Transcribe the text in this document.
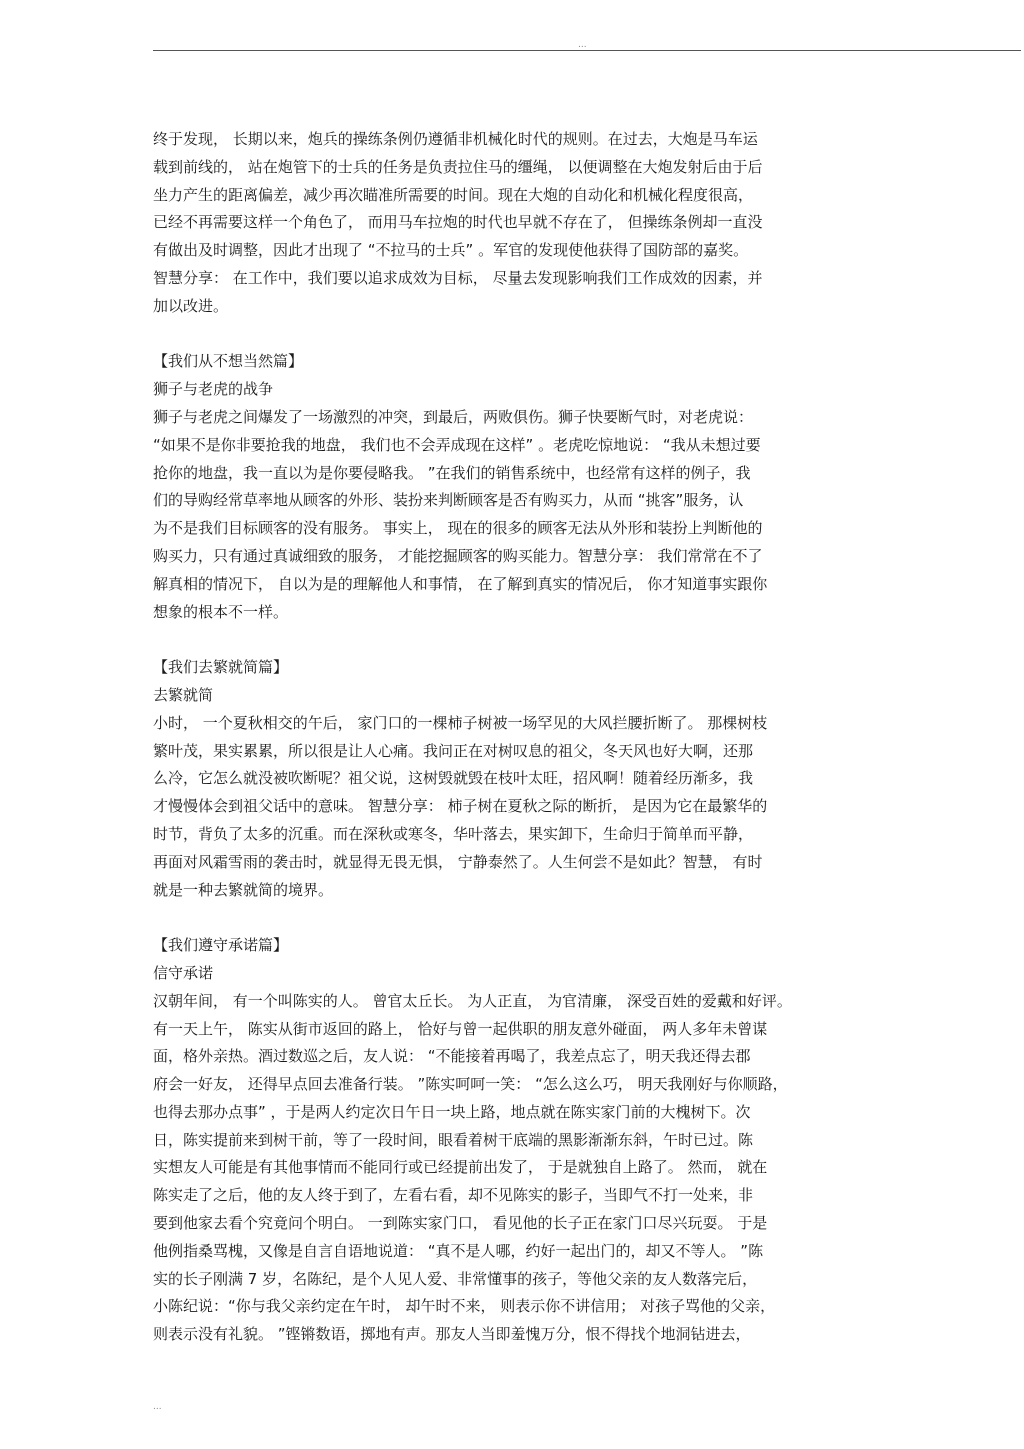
...
终于发现， 长期以来，炮兵的操练条例仍遵循非机械化时代的规则。在过去，大炮是马车运
载到前线的， 站在炮管下的士兵的任务是负责拉住马的缰绳， 以便调整在大炮发射后由于后
坐力产生的距离偏差，减少再次瞄准所需要的时间。现在大炮的自动化和机械化程度很高，
已经不再需要这样一个角色了， 而用马车拉炮的时代也早就不存在了， 但操练条例却一直没
有做出及时调整，因此才出现了 “不拉马的士兵” 。军官的发现使他获得了国防部的嘉奖。
智慧分享： 在工作中，我们要以追求成效为目标， 尽量去发现影响我们工作成效的因素，并
加以改进。
【我们从不想当然篇】
狮子与老虎的战争
狮子与老虎之间爆发了一场激烈的冲突，到最后，两败俱伤。狮子快要断气时，对老虎说：
“如果不是你非要抢我的地盘， 我们也不会弄成现在这样” 。老虎吃惊地说： “我从未想过要
抢你的地盘，我一直以为是你要侵略我。 ”在我们的销售系统中，也经常有这样的例子，我
们的导购经常草率地从顾客的外形、装扮来判断顾客是否有购买力，从而 “挑客”服务，认
为不是我们目标顾客的没有服务。 事实上， 现在的很多的顾客无法从外形和装扮上判断他的
购买力，只有通过真诚细致的服务， 才能挖掘顾客的购买能力。智慧分享： 我们常常在不了
解真相的情况下， 自以为是的理解他人和事情， 在了解到真实的情况后， 你才知道事实跟你
想象的根本不一样。
【我们去繁就简篇】
去繁就简
小时， 一个夏秋相交的午后， 家门口的一棵柿子树被一场罕见的大风拦腰折断了。 那棵树枝
繁叶茂，果实累累，所以很是让人心痛。我问正在对树叹息的祖父，冬天风也好大啊，还那
么冷，它怎么就没被吹断呢？祖父说，这树毁就毁在枝叶太旺，招风啊！随着经历渐多，我
才慢慢体会到祖父话中的意味。 智慧分享： 柿子树在夏秋之际的断折， 是因为它在最繁华的
时节，背负了太多的沉重。而在深秋或寒冬，华叶落去，果实卸下，生命归于简单而平静，
再面对风霜雪雨的袭击时，就显得无畏无惧， 宁静泰然了。人生何尝不是如此？智慧， 有时
就是一种去繁就简的境界。
【我们遵守承诺篇】
信守承诺
汉朝年间， 有一个叫陈实的人。 曾官太丘长。 为人正直， 为官清廉， 深受百姓的爱戴和好评。
有一天上午， 陈实从街市返回的路上， 恰好与曾一起供职的朋友意外碰面， 两人多年未曾谋
面，格外亲热。酒过数巡之后，友人说： “不能接着再喝了，我差点忘了，明天我还得去郡
府会一好友， 还得早点回去准备行装。 ”陈实呵呵一笑： “怎么这么巧， 明天我刚好与你顺路，
也得去那办点事” ，于是两人约定次日午日一块上路，地点就在陈实家门前的大槐树下。次
日，陈实提前来到树干前，等了一段时间，眼看着树干底端的黑影渐渐东斜，午时已过。陈
实想友人可能是有其他事情而不能同行或已经提前出发了， 于是就独自上路了。 然而， 就在
陈实走了之后，他的友人终于到了，左看右看，却不见陈实的影子，当即气不打一处来，非
要到他家去看个究竟问个明白。 一到陈实家门口， 看见他的长子正在家门口尽兴玩耍。 于是
他例指桑骂槐，又像是自言自语地说道： “真不是人哪，约好一起出门的，却又不等人。 ”陈
实的长子刚满 7 岁，名陈纪，是个人见人爱、非常懂事的孩子，等他父亲的友人数落完后，
小陈纪说：“你与我父亲约定在午时， 却午时不来， 则表示你不讲信用； 对孩子骂他的父亲，
则表示没有礼貌。 ”铿锵数语，掷地有声。那友人当即羞愧万分，恨不得找个地洞钻进去，
...
